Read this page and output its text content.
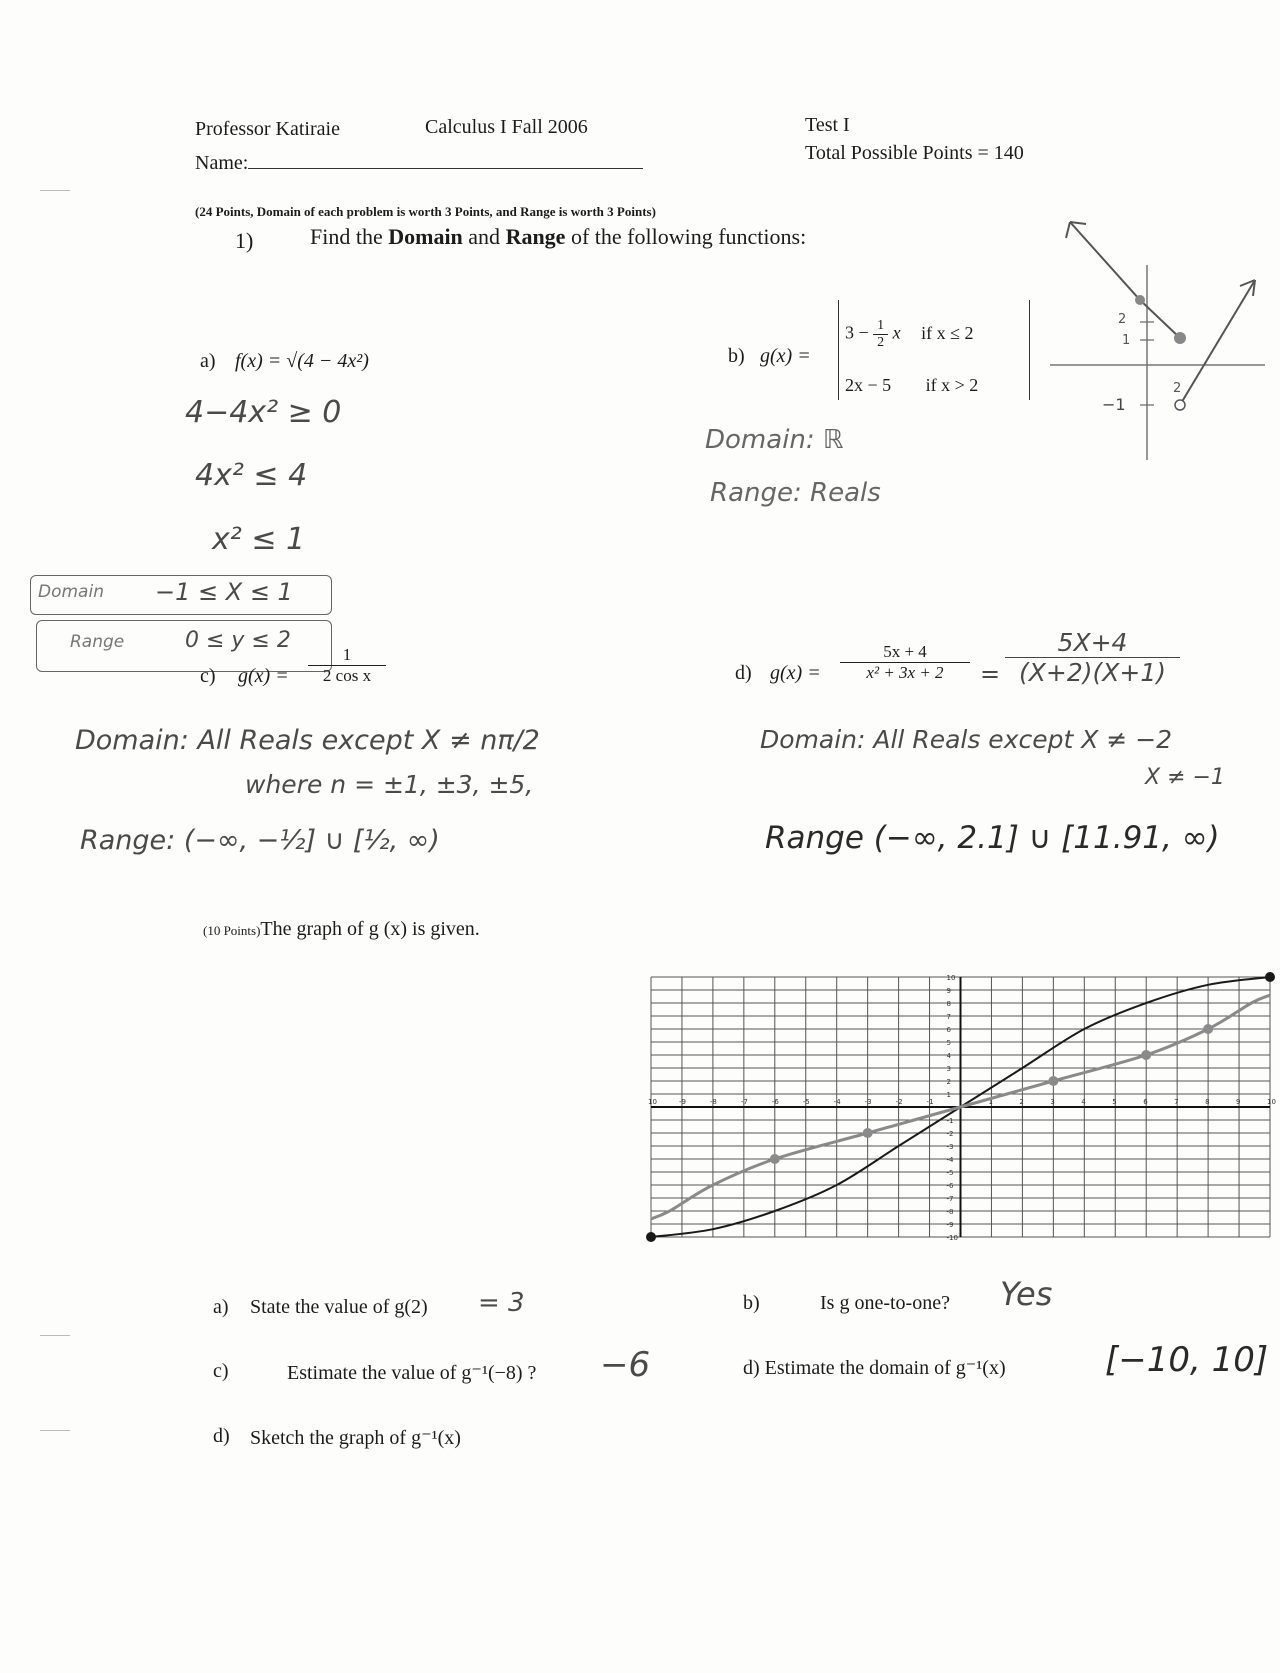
Professor Katiraie	Calculus I Fall 2006	Test I
Name:	Total Possible Points = 140
(24 Points, Domain of each problem is worth 3 Points, and Range is worth 3 Points)
1)	Find the Domain and Range of the following functions:
a) f(x) = √(4 − 4x²)
4−4x² ≥ 0
4x² ≤ 4
x² ≤ 1
Domain −1 ≤ X ≤ 1
Range	0 ≤ y ≤ 2
b) g(x) =
$3 - \frac{1}{2}$ x if x ≤ 2
2x − 5 if x > 2
Domain: ℝ
Range: Reals
2
1
−1
2
c) $g(x) = \frac{1}{\text{2 cos x}}$
Domain: All Reals except X ≠ nπ/2
where n = ±1, ±3, ±5,
Range: (−∞, −½] ∪ [½, ∞)
d) $g(x) = \frac{5x + 4}{\text{x² + 3x + 2}} = \frac{5X+4}{(X+2)(X+1)}$
Domain: All Reals except X ≠ −2
X ≠ −1
Range (−∞, 2.1] ∪ [11.91, ∞)
(10 Points)The graph of g (x) is given.
10	-9	-8	-7	-6	-5	-4	-3	-2	-1	1	2	3	4	5	6	7	8	9	10
10
9
8
7
6
5
4
3
2
1
-1
-2
-3
-4
-5
-6
-7
-8
-9
-10
a) State the value of g(2) = 3	b)	Is g one-to-one? Yes
c)	Estimate the value of g⁻¹(−8) ? −6	d) Estimate the domain of g⁻¹(x)	[−10, 10]
d) Sketch the graph of g⁻¹(x)
